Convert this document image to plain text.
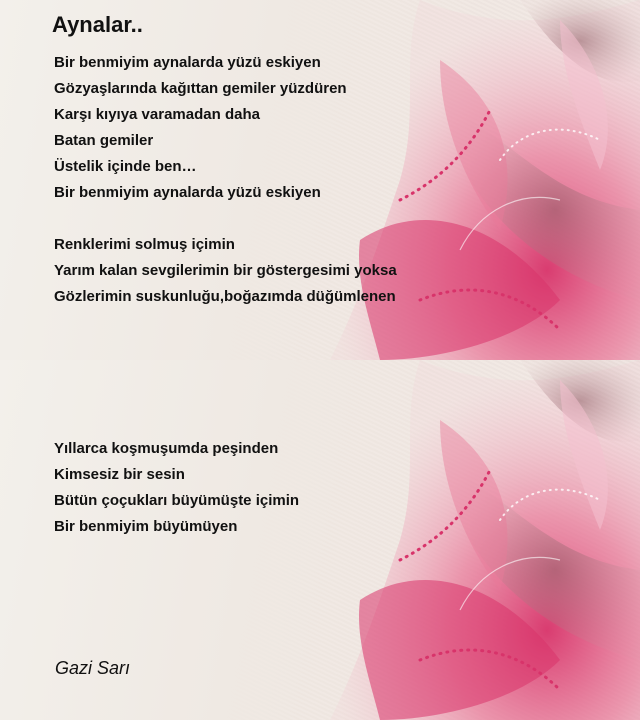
Aynalar..
Bir benmiyim aynalarda yüzü eskiyen
Gözyaşlarında kağıttan gemiler yüzdüren
Karşı kıyıya varamadan daha
Batan gemiler
Üstelik içinde ben…
Bir benmiyim aynalarda yüzü eskiyen
Renklerimi solmuş içimin
Yarım kalan sevgilerimin bir göstergesimi yoksa
Gözlerimin suskunluğu,boğazımda düğümlenen
Yıllarca koşmuşumda peşinden
Kimsesiz bir sesin
Bütün çoçukları büyümüşte içimin
Bir benmiyim büyümüyen
Gazi Sarı
